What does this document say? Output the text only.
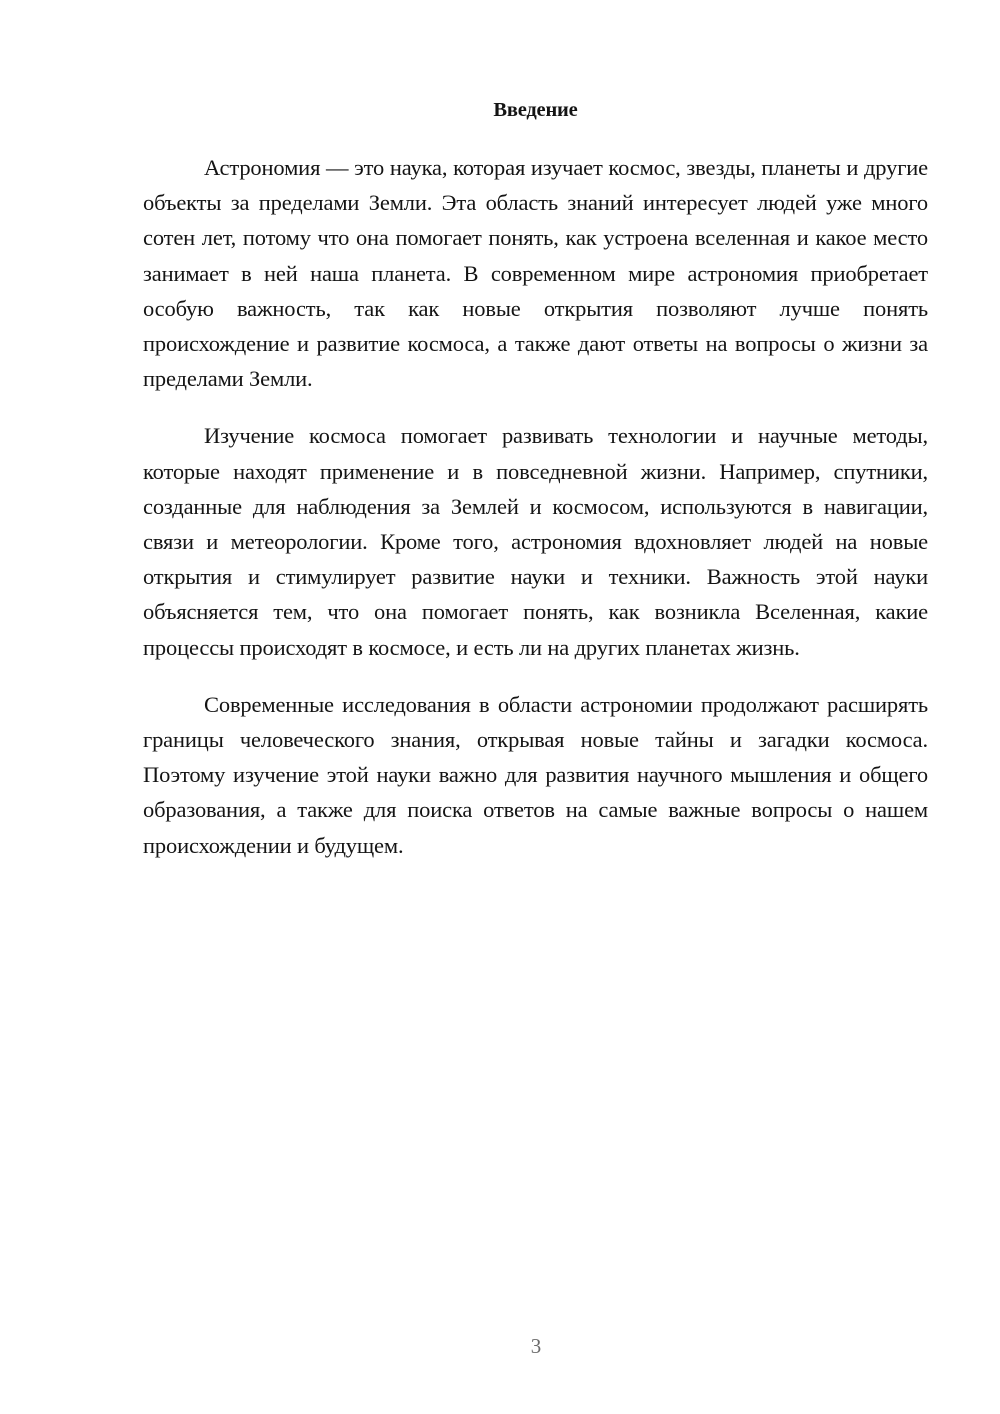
Введение

Астрономия — это наука, которая изучает космос, звезды, планеты и другие объекты за пределами Земли. Эта область знаний интересует людей уже много сотен лет, потому что она помогает понять, как устроена вселенная и какое место занимает в ней наша планета. В современном мире астрономия приобретает особую важность, так как новые открытия позволяют лучше понять происхождение и развитие космоса, а также дают ответы на вопросы о жизни за пределами Земли.

Изучение космоса помогает развивать технологии и научные методы, которые находят применение и в повседневной жизни. Например, спутники, созданные для наблюдения за Землей и космосом, используются в навигации, связи и метеорологии. Кроме того, астрономия вдохновляет людей на новые открытия и стимулирует развитие науки и техники. Важность этой науки объясняется тем, что она помогает понять, как возникла Вселенная, какие процессы происходят в космосе, и есть ли на других планетах жизнь.

Современные исследования в области астрономии продолжают расширять границы человеческого знания, открывая новые тайны и загадки космоса. Поэтому изучение этой науки важно для развития научного мышления и общего образования, а также для поиска ответов на самые важные вопросы о нашем происхождении и будущем.

3
